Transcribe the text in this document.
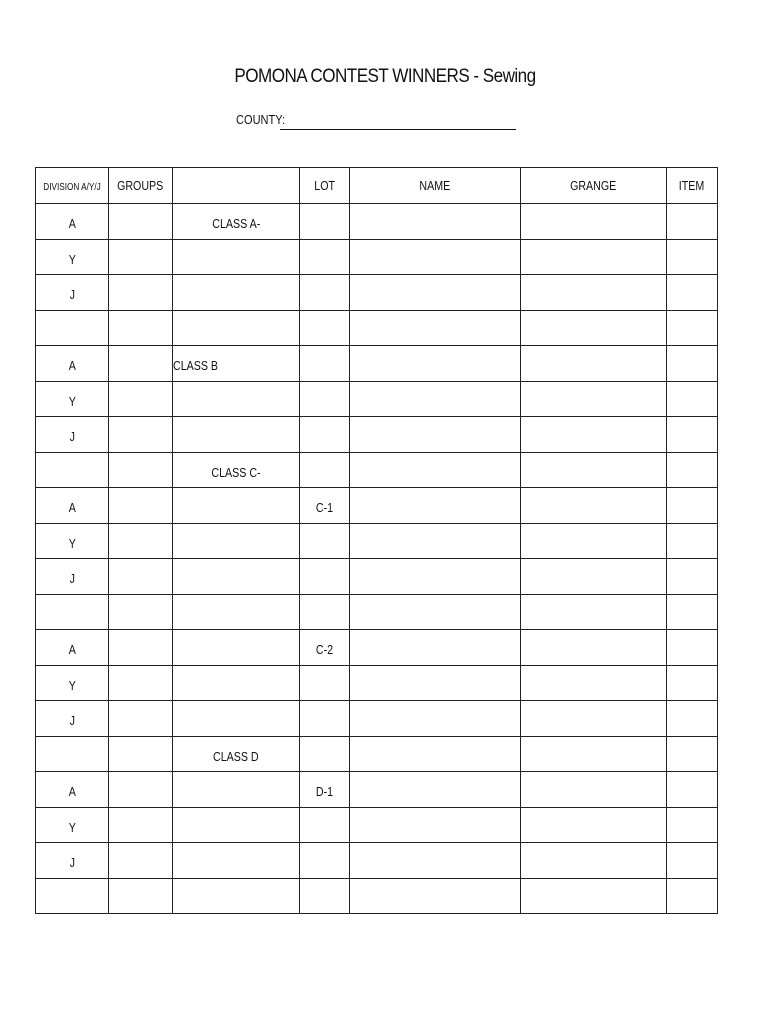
POMONA CONTEST WINNERS - Sewing
COUNTY:
DIVISION A/Y/J	GROUPS		LOT	NAME	GRANGE	ITEM
A		CLASS A-				
Y						
J						

A		CLASS B				
Y						
J						
		CLASS C-				
A			C-1			
Y						
J						

A			C-2			
Y						
J						
		CLASS D				
A			D-1			
Y						
J						
